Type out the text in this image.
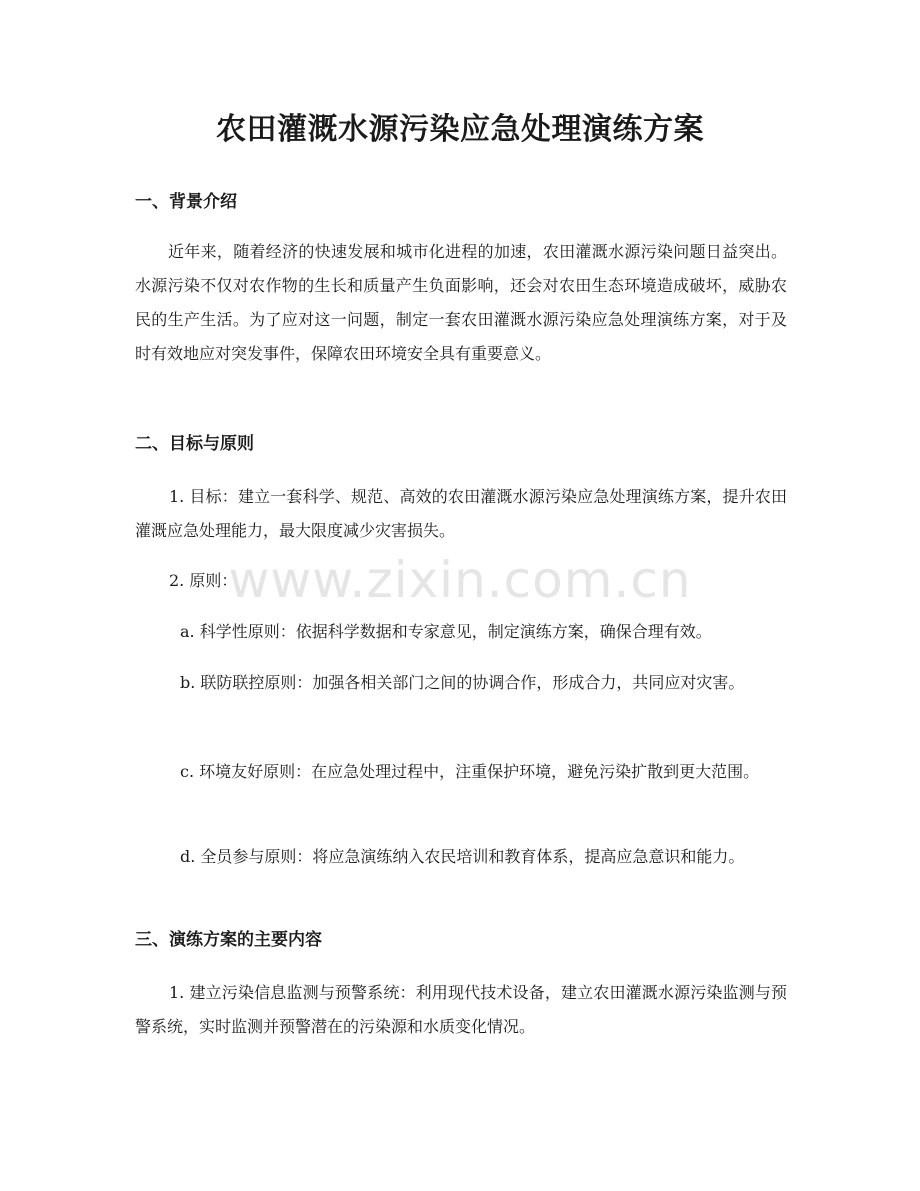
www.zixin.com.cn
农田灌溉水源污染应急处理演练方案
一、背景介绍

近年来，随着经济的快速发展和城市化进程的加速，农田灌溉水源污染问题日益突出。水源污染不仅对农作物的生长和质量产生负面影响，还会对农田生态环境造成破坏，威胁农民的生产生活。为了应对这一问题，制定一套农田灌溉水源污染应急处理演练方案，对于及时有效地应对突发事件，保障农田环境安全具有重要意义。

二、目标与原则

1. 目标：建立一套科学、规范、高效的农田灌溉水源污染应急处理演练方案，提升农田灌溉应急处理能力，最大限度减少灾害损失。

2. 原则：

a. 科学性原则：依据科学数据和专家意见，制定演练方案，确保合理有效。

b. 联防联控原则：加强各相关部门之间的协调合作，形成合力，共同应对灾害。

c. 环境友好原则：在应急处理过程中，注重保护环境，避免污染扩散到更大范围。

d. 全员参与原则：将应急演练纳入农民培训和教育体系，提高应急意识和能力。

三、演练方案的主要内容

1. 建立污染信息监测与预警系统：利用现代技术设备，建立农田灌溉水源污染监测与预警系统，实时监测并预警潜在的污染源和水质变化情况。
